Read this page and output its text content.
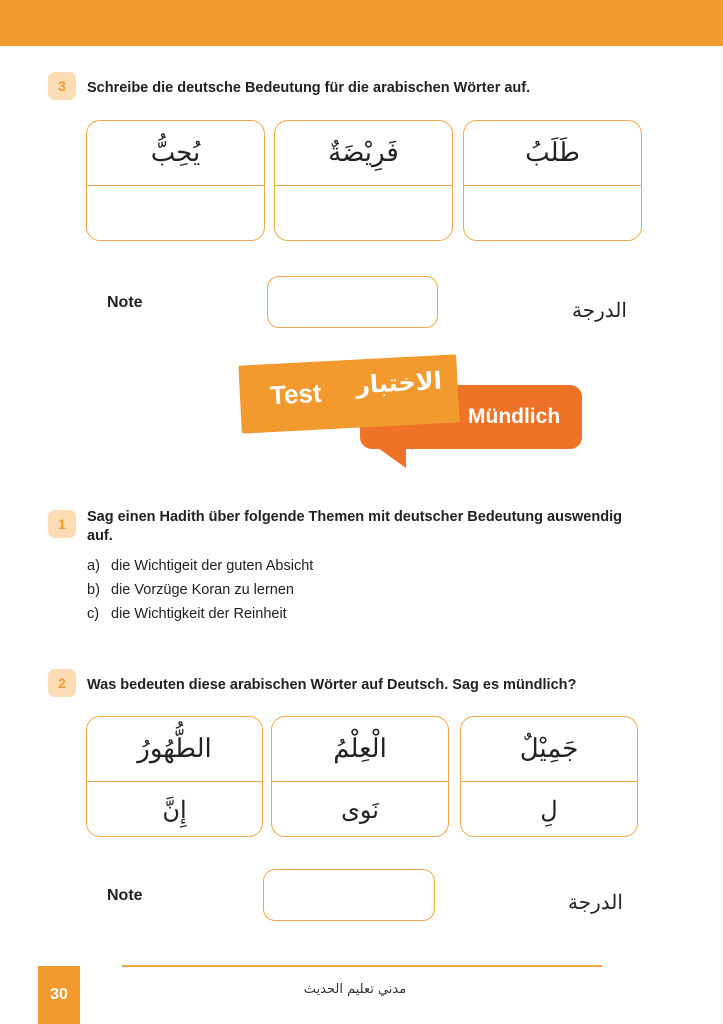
3	Schreibe die deutsche Bedeutung für die arabischen Wörter auf.
يُحِبُّ	فَرِيْضَةٌ	طَلَبُ
Note	الدرجة
Test الاختبار
Mündlich
1	Sag einen Hadith über folgende Themen mit deutscher Bedeutung auswendig
auf.
a) die Wichtigeit der guten Absicht
b) die Vorzüge Koran zu lernen
c) die Wichtigkeit der Reinheit
2	Was bedeuten diese arabischen Wörter auf Deutsch. Sag es mündlich?
الطُّهُورُ
إِنَّ
الْعِلْمُ
نَوى
جَمِيْلٌ
لِ
Note	الدرجة
30	مدني تعليم الحديث
